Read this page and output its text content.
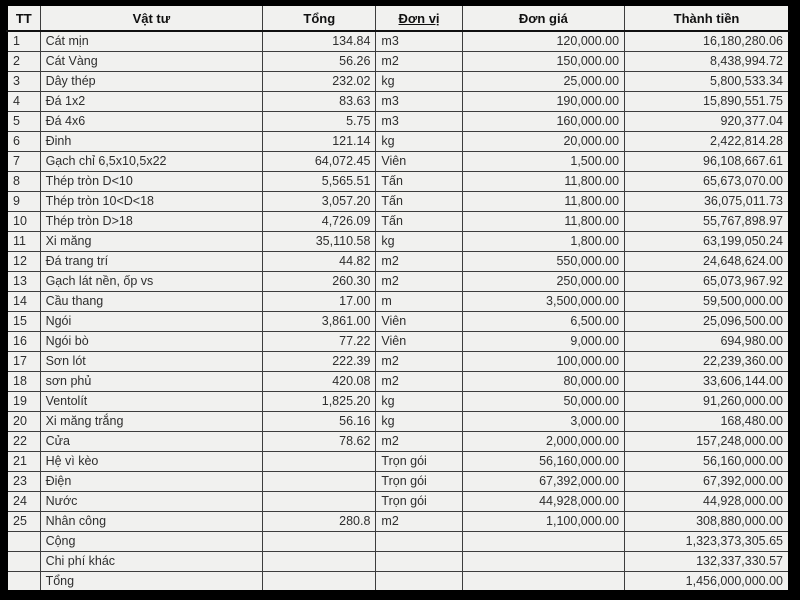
TT	Vật tư	Tổng	Đơn vị	Đơn giá	Thành tiền
1	Cát mịn	134.84	m3	120,000.00	16,180,280.06
2	Cát Vàng	56.26	m2	150,000.00	8,438,994.72
3	Dây thép	232.02	kg	25,000.00	5,800,533.34
4	Đá 1x2	83.63	m3	190,000.00	15,890,551.75
5	Đá 4x6	5.75	m3	160,000.00	920,377.04
6	Đinh	121.14	kg	20,000.00	2,422,814.28
7	Gạch chỉ 6,5x10,5x22	64,072.45	Viên	1,500.00	96,108,667.61
8	Thép tròn D<10	5,565.51	Tấn	11,800.00	65,673,070.00
9	Thép tròn 10<D<18	3,057.20	Tấn	11,800.00	36,075,011.73
10	Thép tròn D>18	4,726.09	Tấn	11,800.00	55,767,898.97
11	Xi măng	35,110.58	kg	1,800.00	63,199,050.24
12	Đá trang trí	44.82	m2	550,000.00	24,648,624.00
13	Gạch lát nền, ốp vs	260.30	m2	250,000.00	65,073,967.92
14	Cầu thang	17.00	m	3,500,000.00	59,500,000.00
15	Ngói	3,861.00	Viên	6,500.00	25,096,500.00
16	Ngói bò	77.22	Viên	9,000.00	694,980.00
17	Sơn lót	222.39	m2	100,000.00	22,239,360.00
18	sơn phủ	420.08	m2	80,000.00	33,606,144.00
19	Ventolít	1,825.20	kg	50,000.00	91,260,000.00
20	Xi măng trắng	56.16	kg	3,000.00	168,480.00
22	Cửa	78.62	m2	2,000,000.00	157,248,000.00
21	Hệ vì kèo		Trọn gói	56,160,000.00	56,160,000.00
23	Điện		Trọn gói	67,392,000.00	67,392,000.00
24	Nước		Trọn gói	44,928,000.00	44,928,000.00
25	Nhân công	280.8	m2	1,100,000.00	308,880,000.00
	Cộng				1,323,373,305.65
	Chi phí khác				132,337,330.57
	Tổng				1,456,000,000.00
